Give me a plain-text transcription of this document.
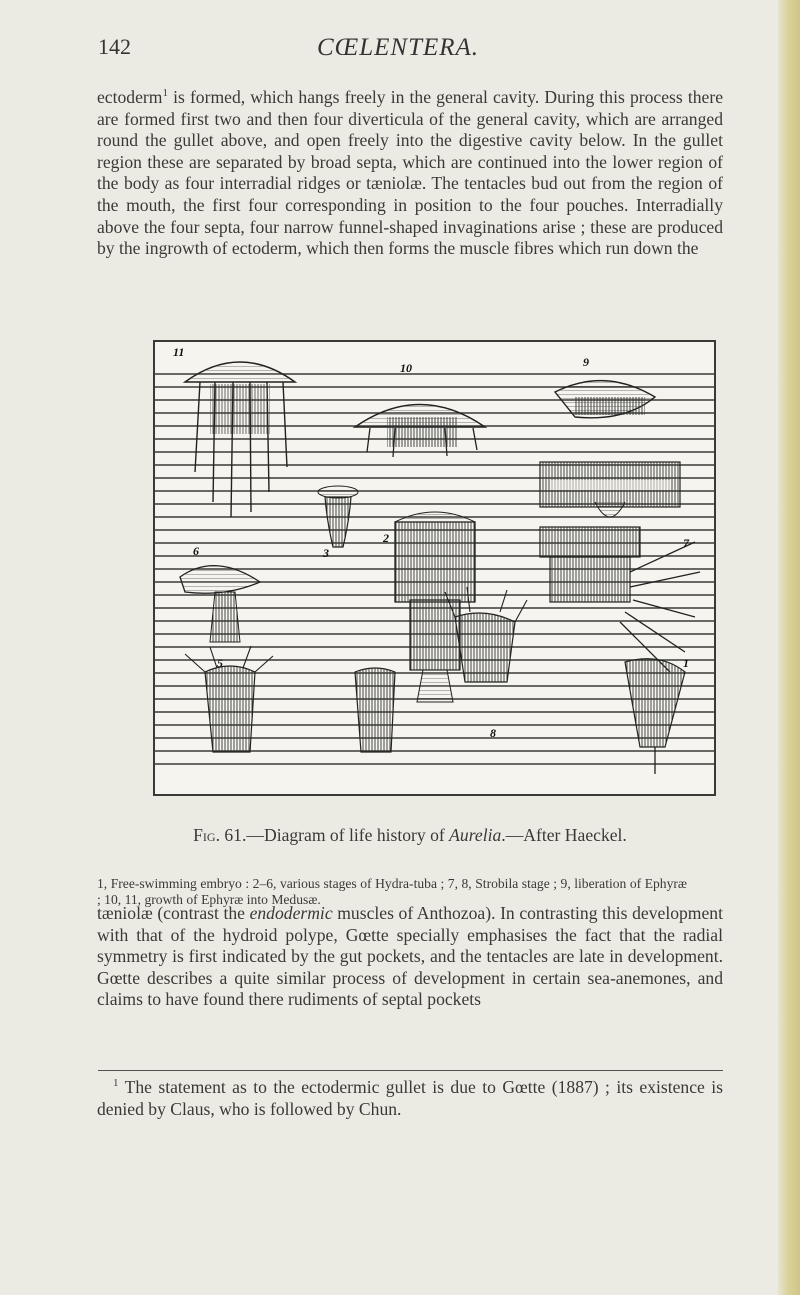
142	CŒLENTERA.

ectoderm$^1$ is formed, which hangs freely in the general cavity. During this process there are formed first two and then four diverticula of the general cavity, which are arranged round the gullet above, and open freely into the digestive cavity below. In the gullet region these are separated by broad septa, which are continued into the lower region of the body as four interradial ridges or tæniolæ. The tentacles bud out from the region of the mouth, the first four corresponding in position to the four pouches. Interradially above the four septa, four narrow funnel-shaped invaginations arise ; these are produced by the ingrowth of ectoderm, which then forms the muscle fibres which run down the

11
10	9
2
6
7
3
5
8
1

Fig. 61.—Diagram of life history of Aurelia.—After Haeckel.

1, Free-swimming embryo : 2–6, various stages of Hydra-tuba ; 7, 8, Strobila stage ; 9, liberation of Ephyræ ; 10, 11, growth of Ephyræ into Medusæ.

tæniolæ (contrast the endodermic muscles of Anthozoa). In contrasting this development with that of the hydroid polype, Gœtte specially emphasises the fact that the radial symmetry is first indicated by the gut pockets, and the tentacles are late in development. Gœtte describes a quite similar process of development in certain sea-anemones, and claims to have found there rudiments of septal pockets

$^1$ The statement as to the ectodermic gullet is due to Gœtte (1887) ; its existence is denied by Claus, who is followed by Chun.
